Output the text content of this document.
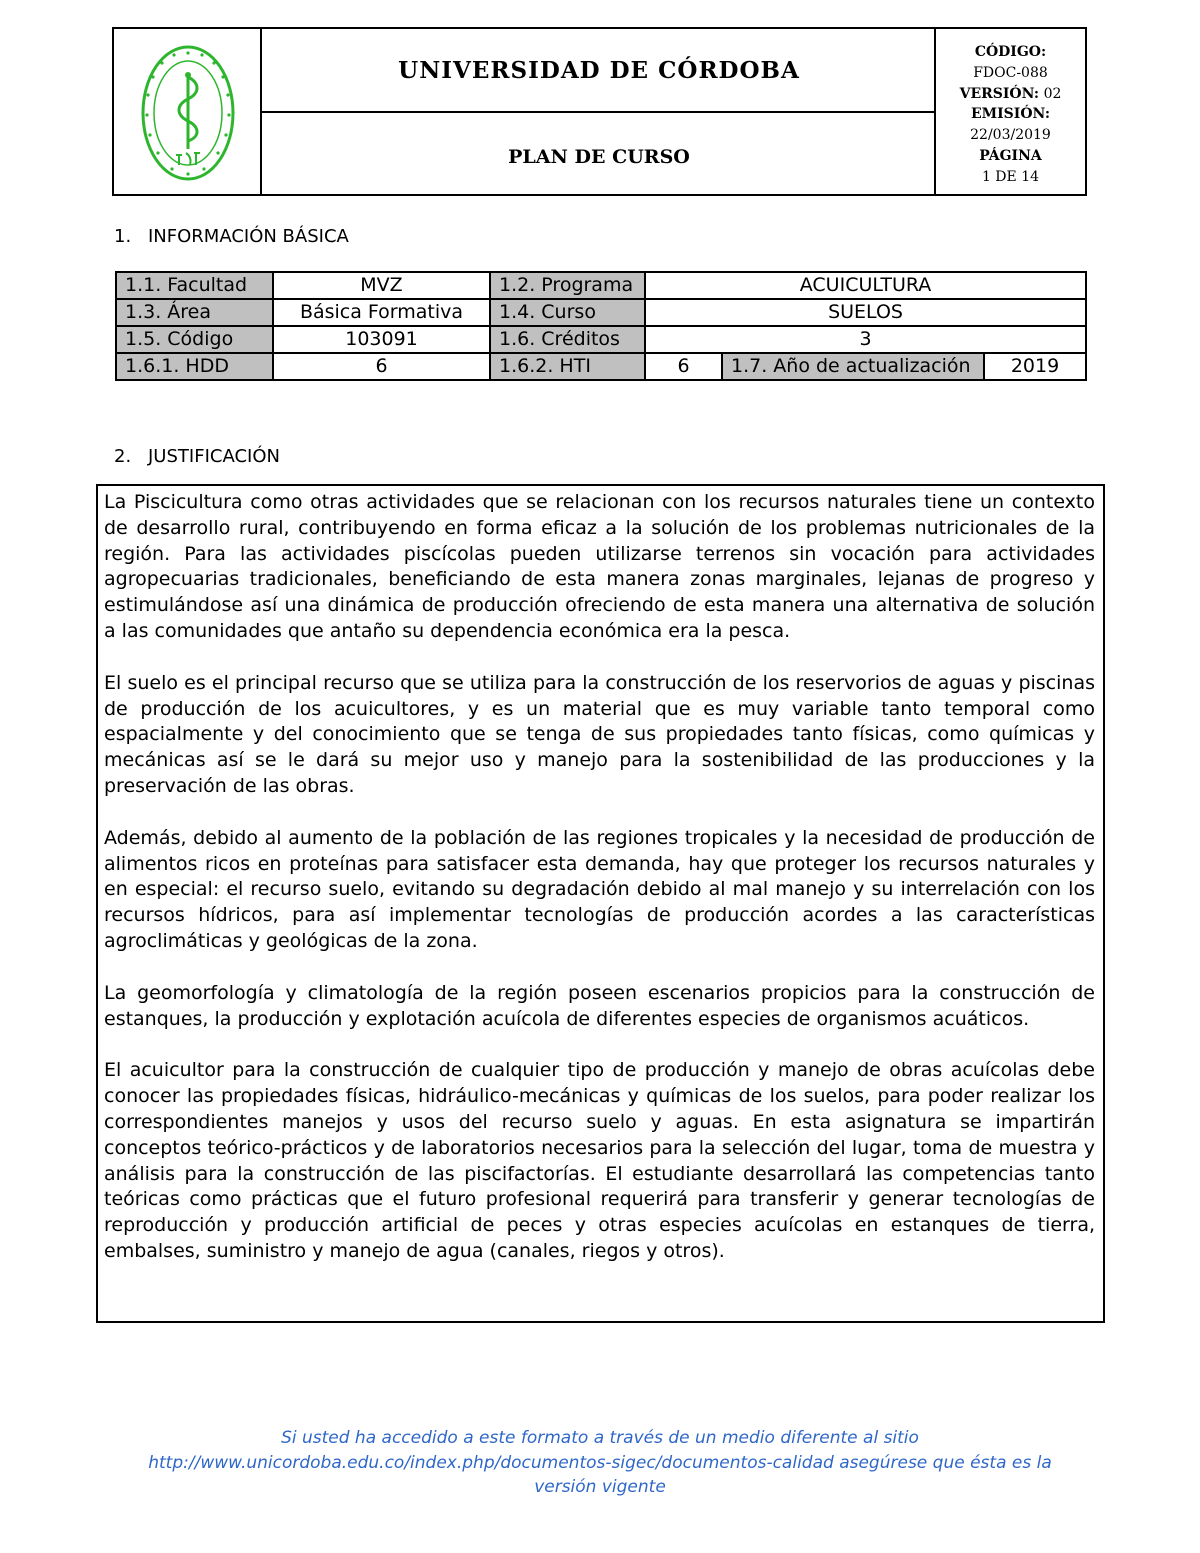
UNIVERSIDAD DE CÓRDOBA
PLAN DE CURSO
CÓDIGO:
FDOC-088
VERSIÓN: 02
EMISIÓN:
22/03/2019
PÁGINA
1 DE 14
1. INFORMACIÓN BÁSICA
1.1. Facultad	MVZ	1.2. Programa	ACUICULTURA		
1.3. Área	Básica Formativa	1.4. Curso	SUELOS		
1.5. Código	103091	1.6. Créditos	3		
1.6.1. HDD	6	1.6.2. HTI	6	1.7. Año de actualización	2019
2. JUSTIFICACIÓN

La Piscicultura como otras actividades que se relacionan con los recursos naturales tiene un contexto de desarrollo rural, contribuyendo en forma eficaz a la solución de los problemas nutricionales de la región. Para las actividades piscícolas pueden utilizarse terrenos sin vocación para actividades agropecuarias tradicionales, beneficiando de esta manera zonas marginales, lejanas de progreso y estimulándose así una dinámica de producción ofreciendo de esta manera una alternativa de solución a las comunidades que antaño su dependencia económica era la pesca.

El suelo es el principal recurso que se utiliza para la construcción de los reservorios de aguas y piscinas de producción de los acuicultores, y es un material que es muy variable tanto temporal como espacialmente y del conocimiento que se tenga de sus propiedades tanto físicas, como químicas y mecánicas así se le dará su mejor uso y manejo para la sostenibilidad de las producciones y la preservación de las obras.

Además, debido al aumento de la población de las regiones tropicales y la necesidad de producción de alimentos ricos en proteínas para satisfacer esta demanda, hay que proteger los recursos naturales y en especial: el recurso suelo, evitando su degradación debido al mal manejo y su interrelación con los recursos hídricos, para así implementar tecnologías de producción acordes a las características agroclimáticas y geológicas de la zona.

La geomorfología y climatología de la región poseen escenarios propicios para la construcción de estanques, la producción y explotación acuícola de diferentes especies de organismos acuáticos.

El acuicultor para la construcción de cualquier tipo de producción y manejo de obras acuícolas debe conocer las propiedades físicas, hidráulico-mecánicas y químicas de los suelos, para poder realizar los correspondientes manejos y usos del recurso suelo y aguas. En esta asignatura se impartirán conceptos teórico-prácticos y de laboratorios necesarios para la selección del lugar, toma de muestra y análisis para la construcción de las piscifactorías. El estudiante desarrollará las competencias tanto teóricas como prácticas que el futuro profesional requerirá para transferir y generar tecnologías de reproducción y producción artificial de peces y otras especies acuícolas en estanques de tierra, embalses, suministro y manejo de agua (canales, riegos y otros).

Si usted ha accedido a este formato a través de un medio diferente al sitio
http://www.unicordoba.edu.co/index.php/documentos-sigec/documentos-calidad asegúrese que ésta es la
versión vigente
